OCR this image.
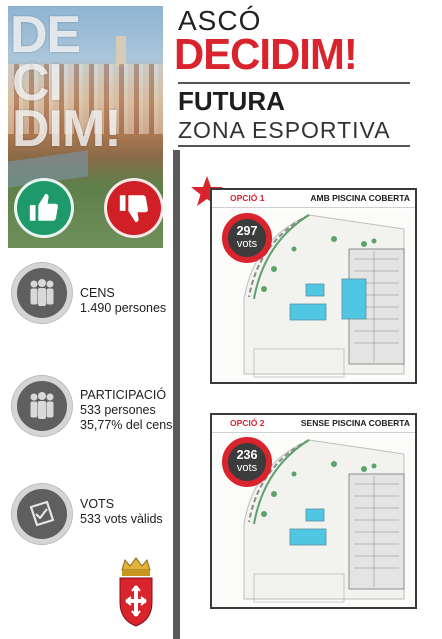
DE
CI
DIM!
ASCÓ
DECIDIM!
FUTURA
ZONA ESPORTIVA
CENS
1.490 persones
PARTICIPACIÓ
533 persones
35,77% del cens
VOTS
533 vots vàlids
OPCIÓ 1	AMB PISCINA COBERTA
297
vots
OPCIÓ 2	SENSE PISCINA COBERTA
236
vots
